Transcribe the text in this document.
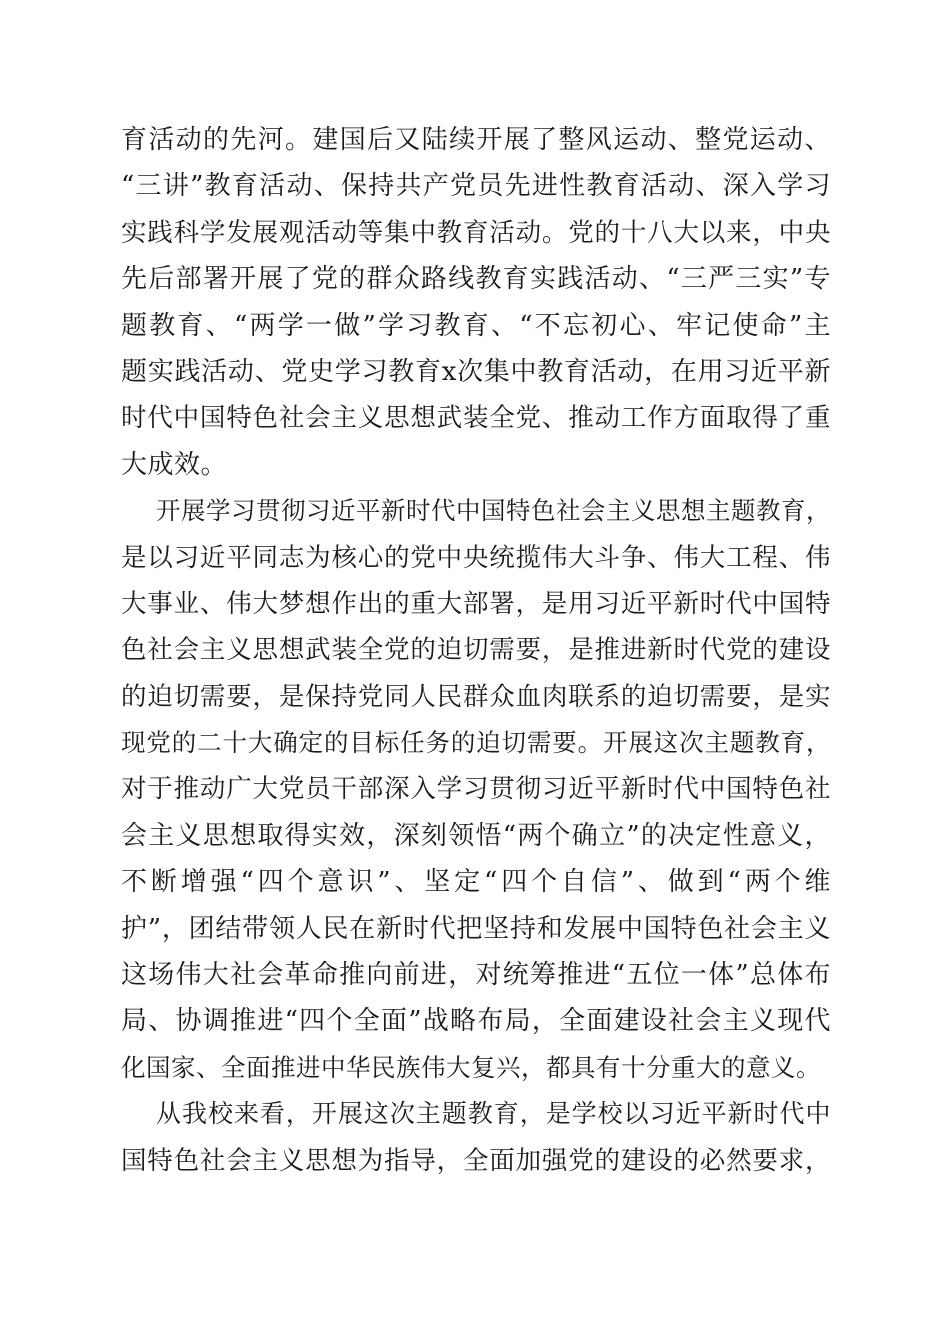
育活动的先河。建国后又陆续开展了整风运动、整党运动、
“三讲”教育活动、保持共产党员先进性教育活动、深入学习
实践科学发展观活动等集中教育活动。党的十八大以来，中央
先后部署开展了党的群众路线教育实践活动、“三严三实”专
题教育、“两学一做”学习教育、“不忘初心、牢记使命”主
题实践活动、党史学习教育x次集中教育活动，在用习近平新
时代中国特色社会主义思想武装全党、推动工作方面取得了重
大成效。
开展学习贯彻习近平新时代中国特色社会主义思想主题教育，
是以习近平同志为核心的党中央统揽伟大斗争、伟大工程、伟
大事业、伟大梦想作出的重大部署，是用习近平新时代中国特
色社会主义思想武装全党的迫切需要，是推进新时代党的建设
的迫切需要，是保持党同人民群众血肉联系的迫切需要，是实
现党的二十大确定的目标任务的迫切需要。开展这次主题教育，
对于推动广大党员干部深入学习贯彻习近平新时代中国特色社
会主义思想取得实效，深刻领悟“两个确立”的决定性意义，
不断增强“四个意识”、坚定“四个自信”、做到“两个维
护”，团结带领人民在新时代把坚持和发展中国特色社会主义
这场伟大社会革命推向前进，对统筹推进“五位一体”总体布
局、协调推进“四个全面”战略布局，全面建设社会主义现代
化国家、全面推进中华民族伟大复兴，都具有十分重大的意义。
从我校来看，开展这次主题教育，是学校以习近平新时代中
国特色社会主义思想为指导，全面加强党的建设的必然要求，
